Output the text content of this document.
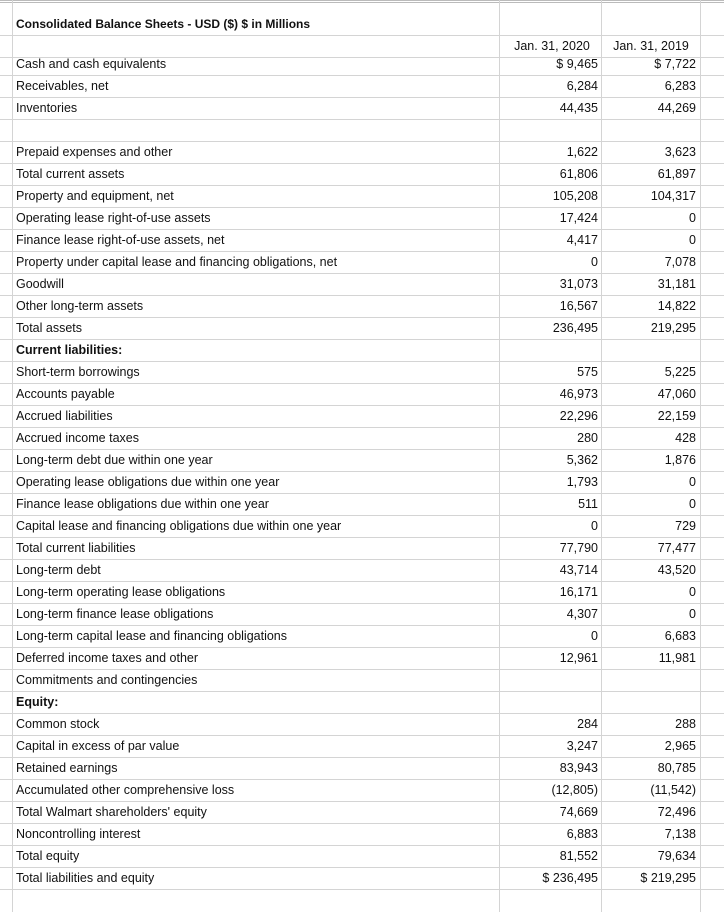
Consolidated Balance Sheets - USD ($) $ in Millions
Jan. 31, 2020	Jan. 31, 2019
Cash and cash equivalents	$ 9,465	$ 7,722
Receivables, net	6,284	6,283
Inventories	44,435	44,269
Prepaid expenses and other	1,622	3,623
Total current assets	61,806	61,897
Property and equipment, net	105,208	104,317
Operating lease right-of-use assets	17,424	0
Finance lease right-of-use assets, net	4,417	0
Property under capital lease and financing obligations, net	0	7,078
Goodwill	31,073	31,181
Other long-term assets	16,567	14,822
Total assets	236,495	219,295
Current liabilities:
Short-term borrowings	575	5,225
Accounts payable	46,973	47,060
Accrued liabilities	22,296	22,159
Accrued income taxes	280	428
Long-term debt due within one year	5,362	1,876
Operating lease obligations due within one year	1,793	0
Finance lease obligations due within one year	511	0
Capital lease and financing obligations due within one year	0	729
Total current liabilities	77,790	77,477
Long-term debt	43,714	43,520
Long-term operating lease obligations	16,171	0
Long-term finance lease obligations	4,307	0
Long-term capital lease and financing obligations	0	6,683
Deferred income taxes and other	12,961	11,981
Commitments and contingencies
Equity:
Common stock	284	288
Capital in excess of par value	3,247	2,965
Retained earnings	83,943	80,785
Accumulated other comprehensive loss	(12,805)	(11,542)
Total Walmart shareholders' equity	74,669	72,496
Noncontrolling interest	6,883	7,138
Total equity	81,552	79,634
Total liabilities and equity	$ 236,495	$ 219,295
